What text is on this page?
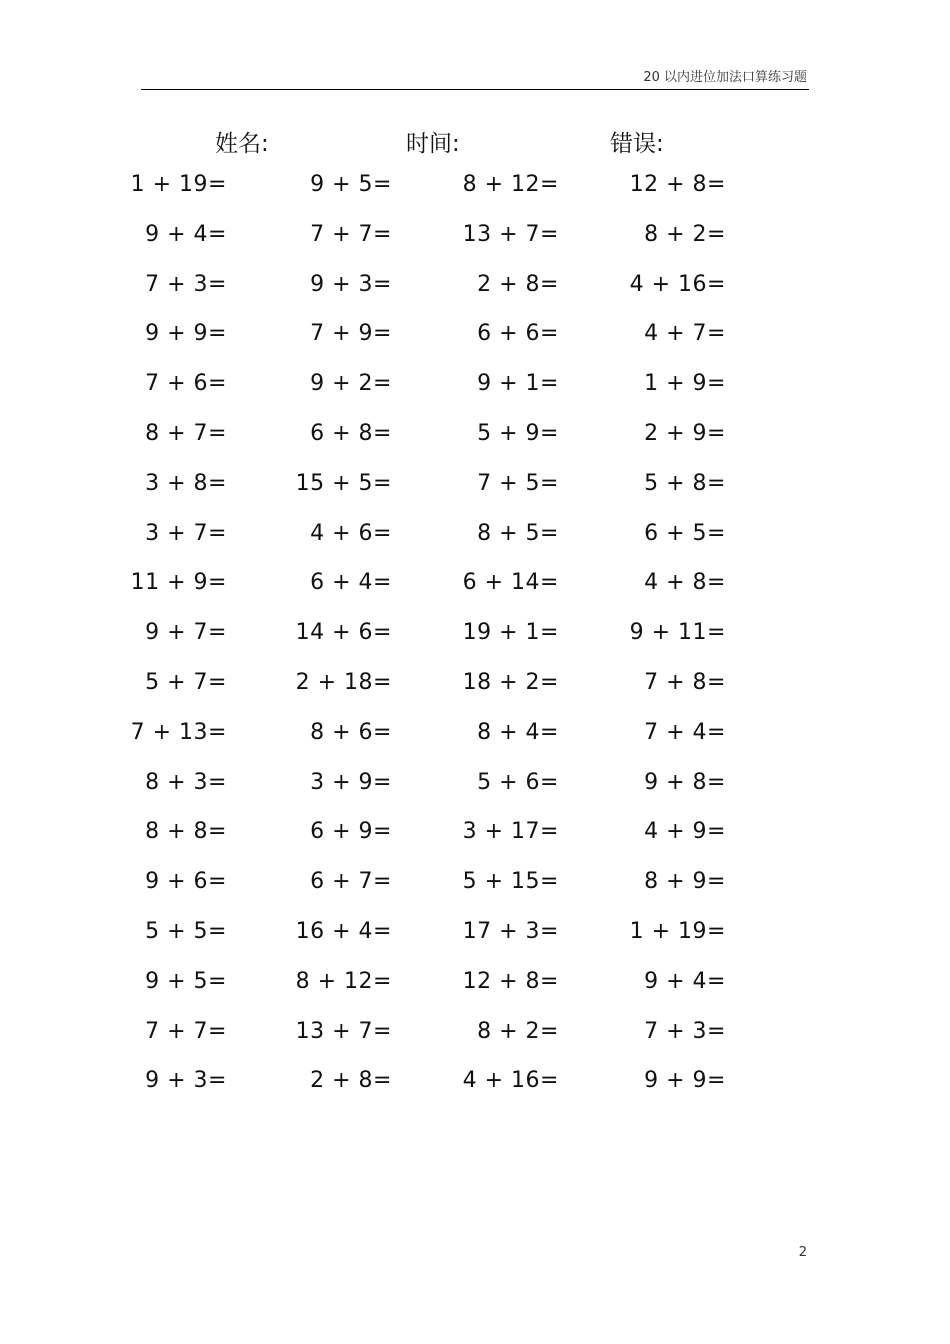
20 以内进位加法口算练习题
姓名:	时间:	错误:
1 + 19=	9 + 5=	8 + 12=	12 + 8=
9 + 4=	7 + 7=	13 + 7=	8 + 2=
7 + 3=	9 + 3=	2 + 8=	4 + 16=
9 + 9=	7 + 9=	6 + 6=	4 + 7=
7 + 6=	9 + 2=	9 + 1=	1 + 9=
8 + 7=	6 + 8=	5 + 9=	2 + 9=
3 + 8=	15 + 5=	7 + 5=	5 + 8=
3 + 7=	4 + 6=	8 + 5=	6 + 5=
11 + 9=	6 + 4=	6 + 14=	4 + 8=
9 + 7=	14 + 6=	19 + 1=	9 + 11=
5 + 7=	2 + 18=	18 + 2=	7 + 8=
7 + 13=	8 + 6=	8 + 4=	7 + 4=
8 + 3=	3 + 9=	5 + 6=	9 + 8=
8 + 8=	6 + 9=	3 + 17=	4 + 9=
9 + 6=	6 + 7=	5 + 15=	8 + 9=
5 + 5=	16 + 4=	17 + 3=	1 + 19=
9 + 5=	8 + 12=	12 + 8=	9 + 4=
7 + 7=	13 + 7=	8 + 2=	7 + 3=
9 + 3=	2 + 8=	4 + 16=	9 + 9=
2
